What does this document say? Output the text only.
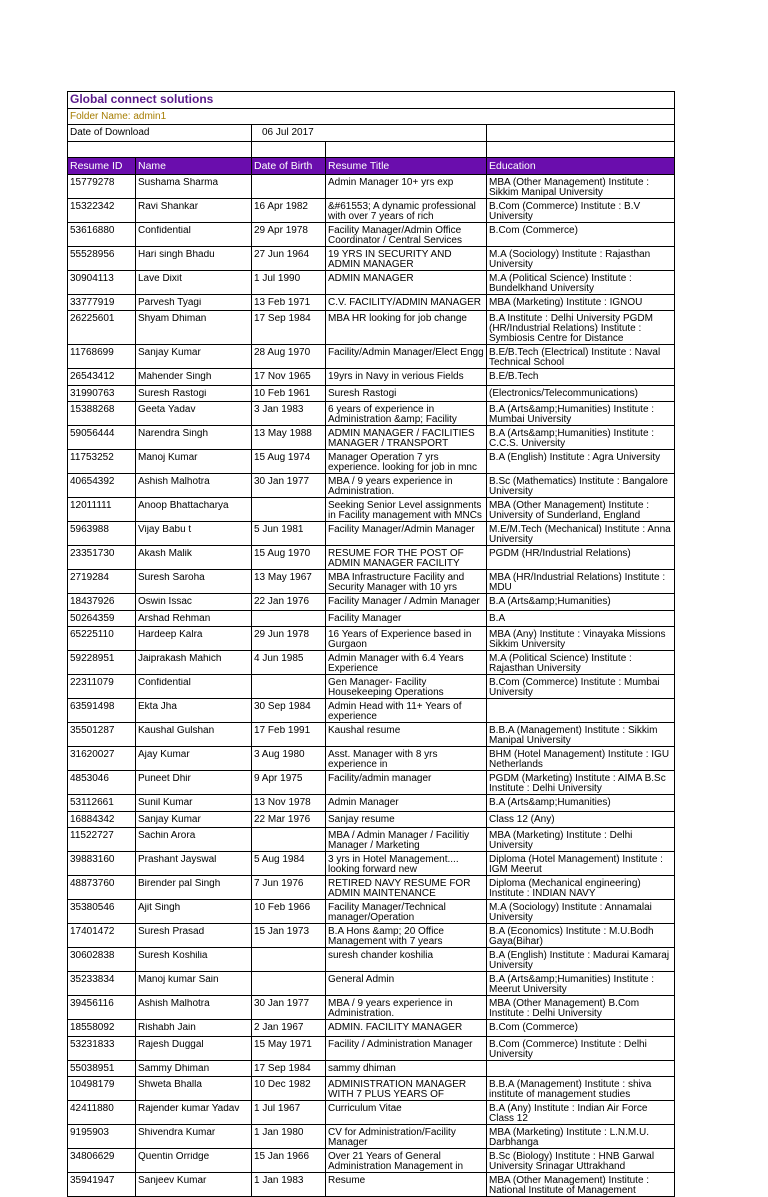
Global connect solutions				
Folder Name: admin1				
Date of Download		06 Jul 2017		

Resume ID	Name	Date of Birth	Resume Title	Education

15779278	Sushama Sharma		Admin Manager 10+ yrs exp	MBA (Other Management) Institute : Sikkim Manipal University

15322342	Ravi Shankar	16 Apr 1982	&#61553; A dynamic professional with over 7 years of rich	B.Com (Commerce) Institute : B.V University

53616880	Confidential	29 Apr 1978	Facility Manager/Admin Office Coordinator / Central Services	B.Com (Commerce)

55528956	Hari singh Bhadu	27 Jun 1964	19 YRS IN SECURITY AND ADMIN MANAGER	M.A (Sociology) Institute : Rajasthan University

30904113	Lave Dixit	1 Jul 1990	ADMIN MANAGER	M.A (Political Science) Institute : Bundelkhand University

33777919	Parvesh Tyagi	13 Feb 1971	C.V. FACILITY/ADMIN MANAGER	MBA (Marketing) Institute : IGNOU

26225601	Shyam Dhiman	17 Sep 1984	MBA HR looking for job change	B.A Institute : Delhi University PGDM (HR/Industrial Relations) Institute : Symbiosis Centre for Distance

11768699	Sanjay Kumar	28 Aug 1970	Facility/Admin Manager/Elect Engg	B.E/B.Tech (Electrical) Institute : Naval Technical School

26543412	Mahender Singh	17 Nov 1965	19yrs in Navy in verious Fields	B.E/B.Tech

31990763	Suresh Rastogi	10 Feb 1961	Suresh Rastogi	(Electronics/Telecommunications)

15388268	Geeta Yadav	3 Jan 1983	6 years of experience in Administration &amp; Facility	B.A (Arts&amp;Humanities) Institute : Mumbai University

59056444	Narendra Singh	13 May 1988	ADMIN MANAGER / FACILITIES MANAGER / TRANSPORT	B.A (Arts&amp;Humanities) Institute : C.C.S. University

11753252	Manoj Kumar	15 Aug 1974	Manager Operation 7 yrs experience. looking for job in mnc	B.A (English) Institute : Agra University

40654392	Ashish Malhotra	30 Jan 1977	MBA / 9 years experience in Administration.	B.Sc (Mathematics) Institute : Bangalore University

12011111	Anoop Bhattacharya		Seeking Senior Level assignments in Facility management with MNCs	MBA (Other Management) Institute : University of Sunderland, England

5963988	Vijay Babu t	5 Jun 1981	Facility Manager/Admin Manager	M.E/M.Tech (Mechanical) Institute : Anna University

23351730	Akash Malik	15 Aug 1970	RESUME FOR THE POST OF ADMIN MANAGER FACILITY	PGDM (HR/Industrial Relations)

2719284	Suresh Saroha	13 May 1967	MBA Infrastructure Facility and Security Manager with 10 yrs	MBA (HR/Industrial Relations) Institute : MDU

18437926	Oswin Issac	22 Jan 1976	Facility Manager / Admin Manager	B.A (Arts&amp;Humanities)

50264359	Arshad Rehman		Facility Manager	B.A

65225110	Hardeep Kalra	29 Jun 1978	16 Years of Experience based in Gurgaon	MBA (Any) Institute : Vinayaka Missions Sikkim University

59228951	Jaiprakash Mahich	4 Jun 1985	Admin Manager with 6.4 Years Experience	M.A (Political Science) Institute : Rajasthan University

22311079	Confidential		Gen Manager- Facility Housekeeping Operations	B.Com (Commerce) Institute : Mumbai University

63591498	Ekta Jha	30 Sep 1984	Admin Head with 11+ Years of experience	

35501287	Kaushal Gulshan	17 Feb 1991	Kaushal resume	B.B.A (Management) Institute : Sikkim Manipal University

31620027	Ajay Kumar	3 Aug 1980	Asst. Manager with 8 yrs experience in	BHM (Hotel Management) Institute : IGU Netherlands

4853046	Puneet Dhir	9 Apr 1975	Facility/admin manager	PGDM (Marketing) Institute : AIMA B.Sc Institute : Delhi University

53112661	Sunil Kumar	13 Nov 1978	Admin Manager	B.A (Arts&amp;Humanities)

16884342	Sanjay Kumar	22 Mar 1976	Sanjay resume	Class 12 (Any)

11522727	Sachin Arora		MBA / Admin Manager / Facilitiy Manager / Marketing	MBA (Marketing) Institute : Delhi University

39883160	Prashant Jayswal	5 Aug 1984	3 yrs in Hotel Management.... looking forward new	Diploma (Hotel Management) Institute : IGM Meerut

48873760	Birender pal Singh	7 Jun 1976	RETIRED NAVY RESUME FOR ADMIN MAINTENANCE	Diploma (Mechanical engineering) Institute : INDIAN NAVY

35380546	Ajit Singh	10 Feb 1966	Facility Manager/Technical manager/Operation	M.A (Sociology) Institute : Annamalai University

17401472	Suresh Prasad	15 Jan 1973	B.A Hons &amp; 20 Office Management with 7 years	B.A (Economics) Institute : M.U.Bodh Gaya(Bihar)

30602838	Suresh Koshilia		suresh chander koshilia	B.A (English) Institute : Madurai Kamaraj University

35233834	Manoj kumar Sain		General Admin	B.A (Arts&amp;Humanities) Institute : Meerut University

39456116	Ashish Malhotra	30 Jan 1977	MBA / 9 years experience in Administration.	MBA (Other Management) B.Com Institute : Delhi University

18558092	Rishabh Jain	2 Jan 1967	ADMIN. FACILITY MANAGER	B.Com (Commerce)

53231833	Rajesh Duggal	15 May 1971	Facility / Administration Manager	B.Com (Commerce) Institute : Delhi University

55038951	Sammy Dhiman	17 Sep 1984	sammy dhiman	

10498179	Shweta Bhalla	10 Dec 1982	ADMINISTRATION MANAGER WITH 7 PLUS YEARS OF	B.B.A (Management) Institute : shiva institute of management studies

42411880	Rajender kumar Yadav	1 Jul 1967	Curriculum Vitae	B.A (Any) Institute : Indian Air Force Class 12

9195903	Shivendra Kumar	1 Jan 1980	CV for Administration/Facility Manager	MBA (Marketing) Institute : L.N.M.U. Darbhanga

34806629	Quentin Orridge	15 Jan 1966	Over 21 Years of General Administration Management in	B.Sc (Biology) Institute : HNB Garwal University Srinagar Uttrakhand

35941947	Sanjeev Kumar	1 Jan 1983	Resume	MBA (Other Management) Institute : National Institute of Management
